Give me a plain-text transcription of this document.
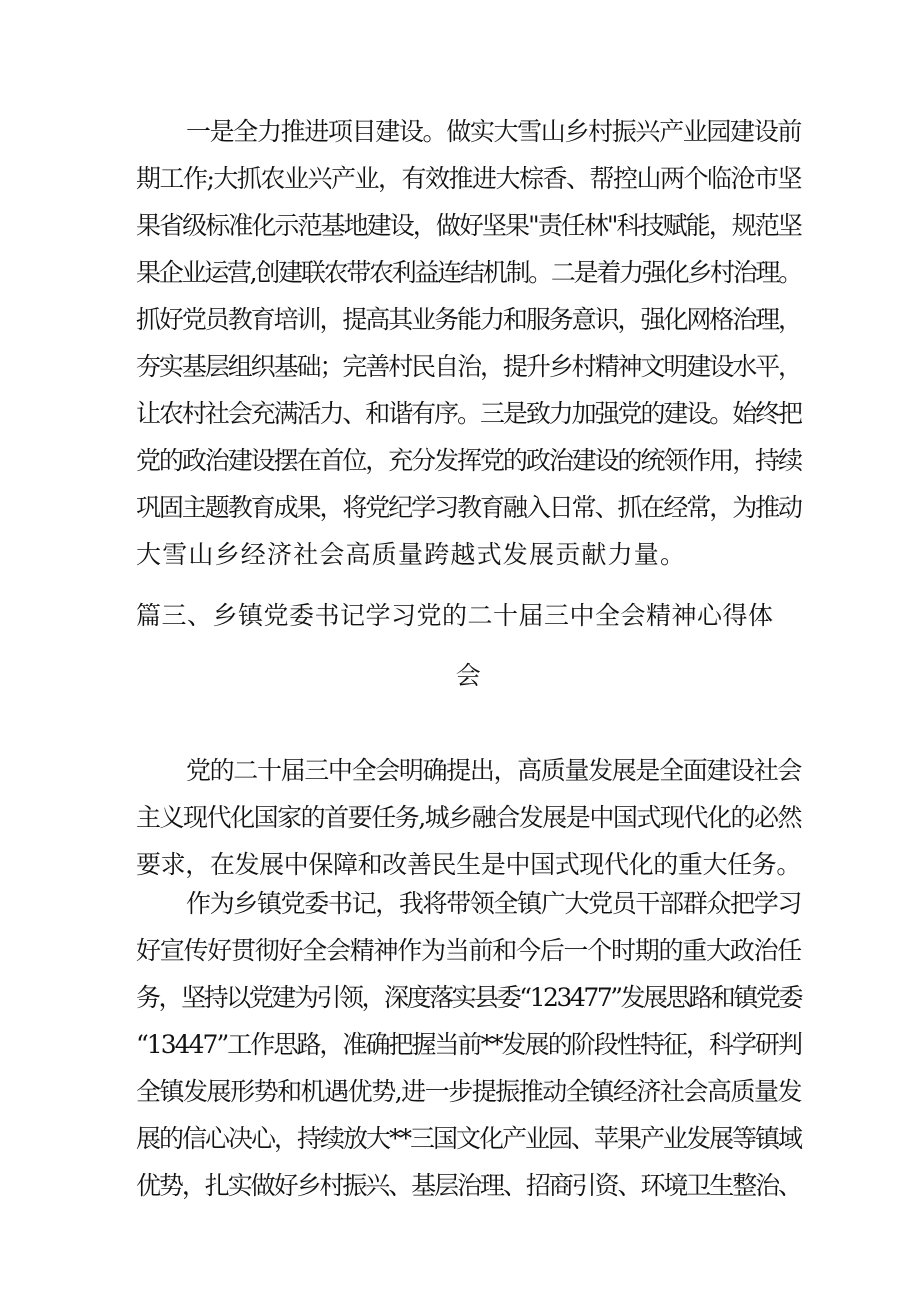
一是全力推进项目建设。做实大雪山乡村振兴产业园建设前
期工作;大抓农业兴产业，有效推进大棕香、帮控山两个临沧市坚
果省级标准化示范基地建设，做好坚果"责任林"科技赋能，规范坚
果企业运营,创建联农带农利益连结机制。二是着力强化乡村治理。
抓好党员教育培训，提高其业务能力和服务意识，强化网格治理，
夯实基层组织基础；完善村民自治，提升乡村精神文明建设水平，
让农村社会充满活力、和谐有序。三是致力加强党的建设。始终把
党的政治建设摆在首位，充分发挥党的政治建设的统领作用，持续
巩固主题教育成果，将党纪学习教育融入日常、抓在经常，为推动
大雪山乡经济社会高质量跨越式发展贡献力量。
篇三、乡镇党委书记学习党的二十届三中全会精神心得体
会
党的二十届三中全会明确提出，高质量发展是全面建设社会
主义现代化国家的首要任务,城乡融合发展是中国式现代化的必然
要求，在发展中保障和改善民生是中国式现代化的重大任务。
作为乡镇党委书记，我将带领全镇广大党员干部群众把学习
好宣传好贯彻好全会精神作为当前和今后一个时期的重大政治任
务，坚持以党建为引领，深度落实县委“123477”发展思路和镇党委
“13447”工作思路，准确把握当前**发展的阶段性特征，科学研判
全镇发展形势和机遇优势,进一步提振推动全镇经济社会高质量发
展的信心决心，持续放大**三国文化产业园、苹果产业发展等镇域
优势，扎实做好乡村振兴、基层治理、招商引资、环境卫生整治、
